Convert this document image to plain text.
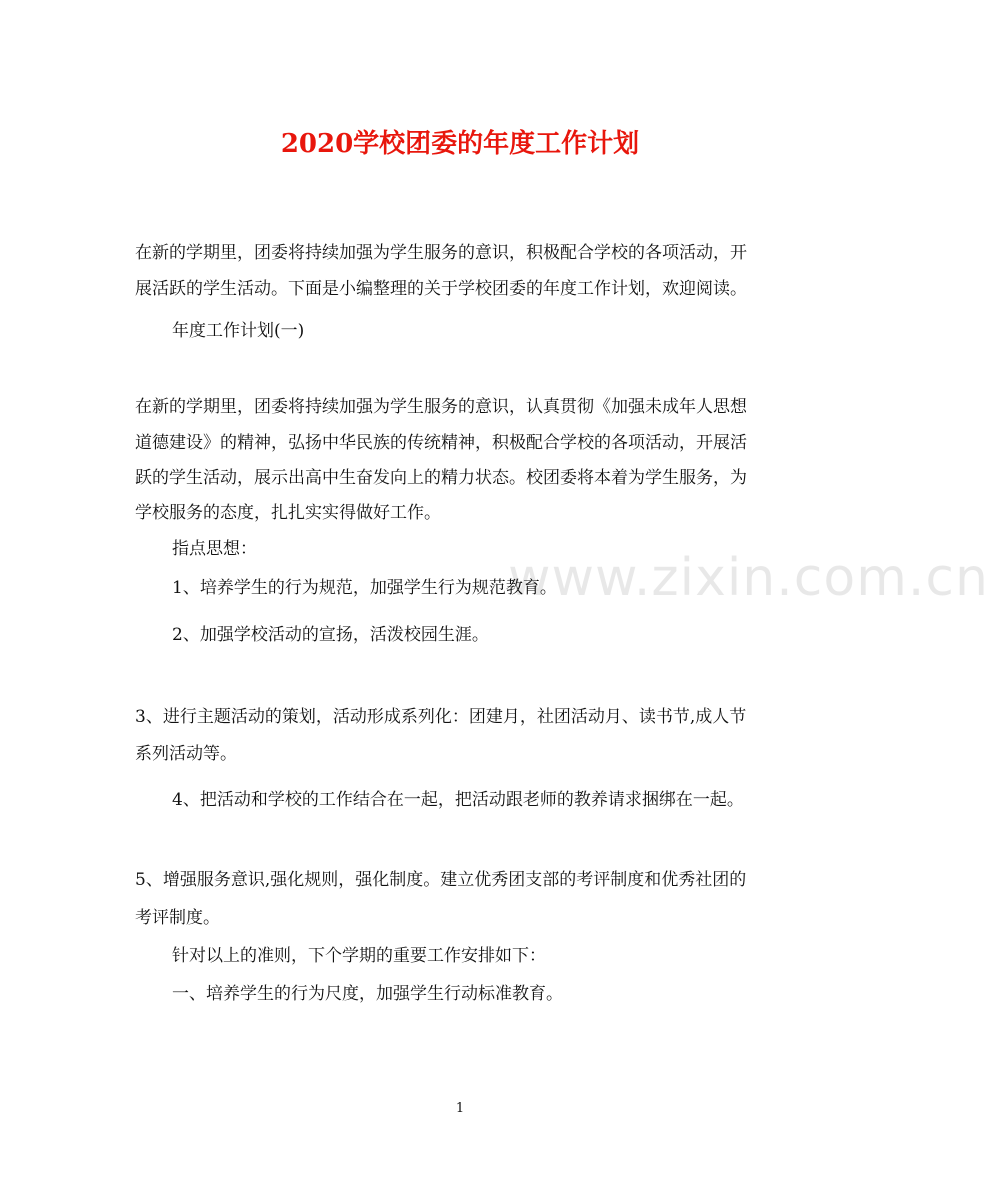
2020学校团委的年度工作计划
www.zixin.com.cn
在新的学期里，团委将持续加强为学生服务的意识，积极配合学校的各项活动，开
展活跃的学生活动。下面是小编整理的关于学校团委的年度工作计划，欢迎阅读。
年度工作计划(一)
在新的学期里，团委将持续加强为学生服务的意识，认真贯彻《加强未成年人思想
道德建设》的精神，弘扬中华民族的传统精神，积极配合学校的各项活动，开展活
跃的学生活动，展示出高中生奋发向上的精力状态。校团委将本着为学生服务，为
学校服务的态度，扎扎实实得做好工作。
指点思想：
1、培养学生的行为规范，加强学生行为规范教育。
2、加强学校活动的宣扬，活泼校园生涯。
3、进行主题活动的策划，活动形成系列化：团建月，社团活动月、读书节,成人节
系列活动等。
4、把活动和学校的工作结合在一起，把活动跟老师的教养请求捆绑在一起。
5、增强服务意识,强化规则，强化制度。建立优秀团支部的考评制度和优秀社团的
考评制度。
针对以上的准则，下个学期的重要工作安排如下：
一、培养学生的行为尺度，加强学生行动标准教育。
1
